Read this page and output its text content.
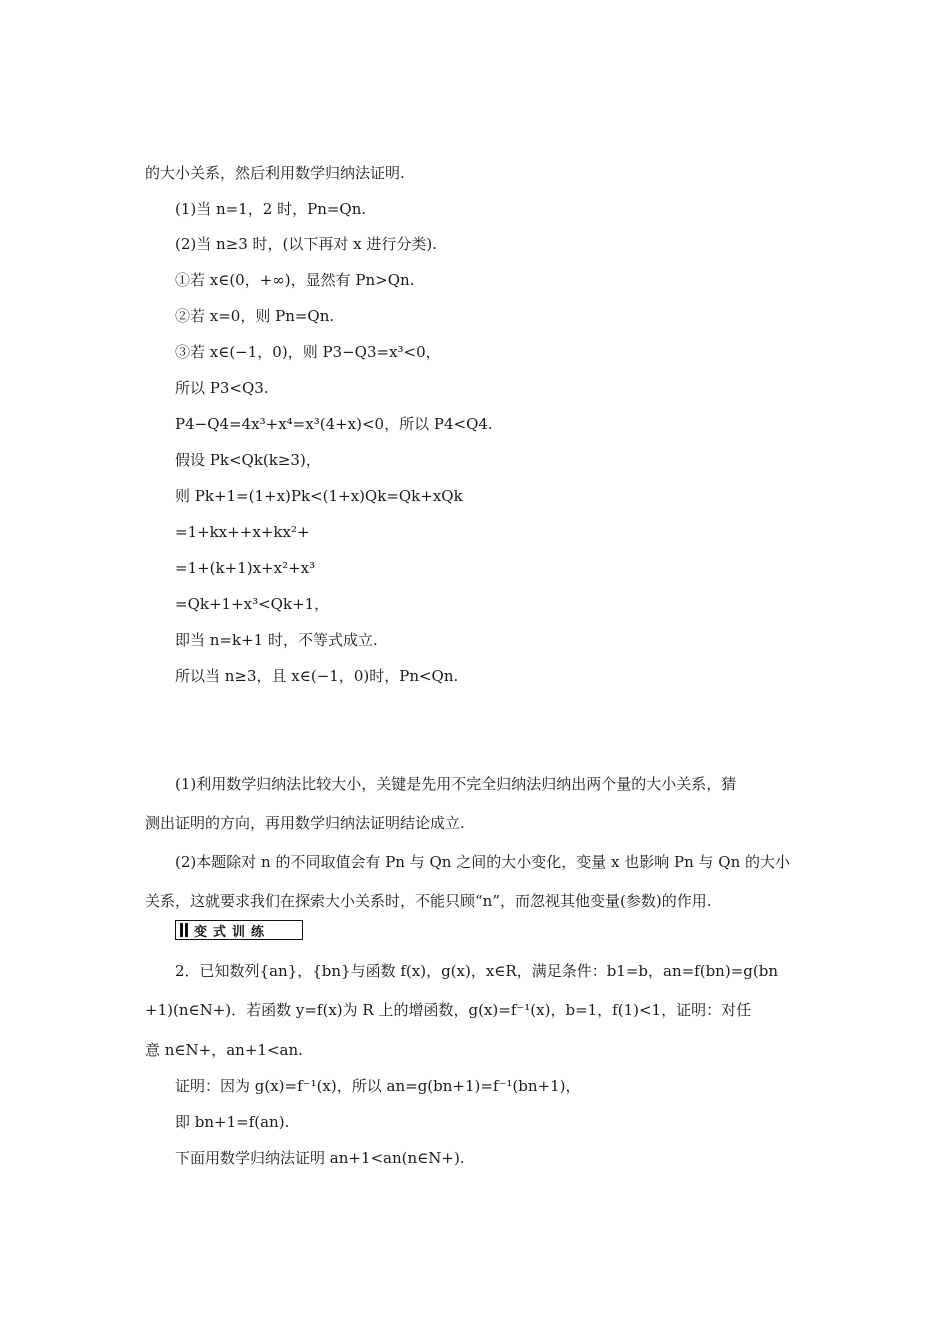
的大小关系，然后利用数学归纳法证明.
(1)当 n=1，2 时，Pn=Qn.
(2)当 n≥3 时，(以下再对 x 进行分类).
①若 x∈(0，+∞)，显然有 Pn>Qn.
②若 x=0，则 Pn=Qn.
③若 x∈(−1，0)，则 P3−Q3=x³<0，
所以 P3<Q3.
P4−Q4=4x³+x⁴=x³(4+x)<0，所以 P4<Q4.
假设 Pk<Qk(k≥3)，
则 Pk+1=(1+x)Pk<(1+x)Qk=Qk+xQk
=1+kx++x+kx²+
=1+(k+1)x+x²+x³
=Qk+1+x³<Qk+1，
即当 n=k+1 时，不等式成立.
所以当 n≥3，且 x∈(−1，0)时，Pn<Qn.
(1)利用数学归纳法比较大小，关键是先用不完全归纳法归纳出两个量的大小关系，猜
测出证明的方向，再用数学归纳法证明结论成立.
(2)本题除对 n 的不同取值会有 Pn 与 Qn 之间的大小变化，变量 x 也影响 Pn 与 Qn 的大小
关系，这就要求我们在探索大小关系时，不能只顾“n”，而忽视其他变量(参数)的作用.
变式训练
2．已知数列{an}，{bn}与函数 f(x)，g(x)，x∈R，满足条件：b1=b，an=f(bn)=g(bn
+1)(n∈N+)．若函数 y=f(x)为 R 上的增函数，g(x)=f⁻¹(x)，b=1，f(1)<1，证明：对任
意 n∈N+，an+1<an.
证明：因为 g(x)=f⁻¹(x)，所以 an=g(bn+1)=f⁻¹(bn+1)，
即 bn+1=f(an).
下面用数学归纳法证明 an+1<an(n∈N+).
